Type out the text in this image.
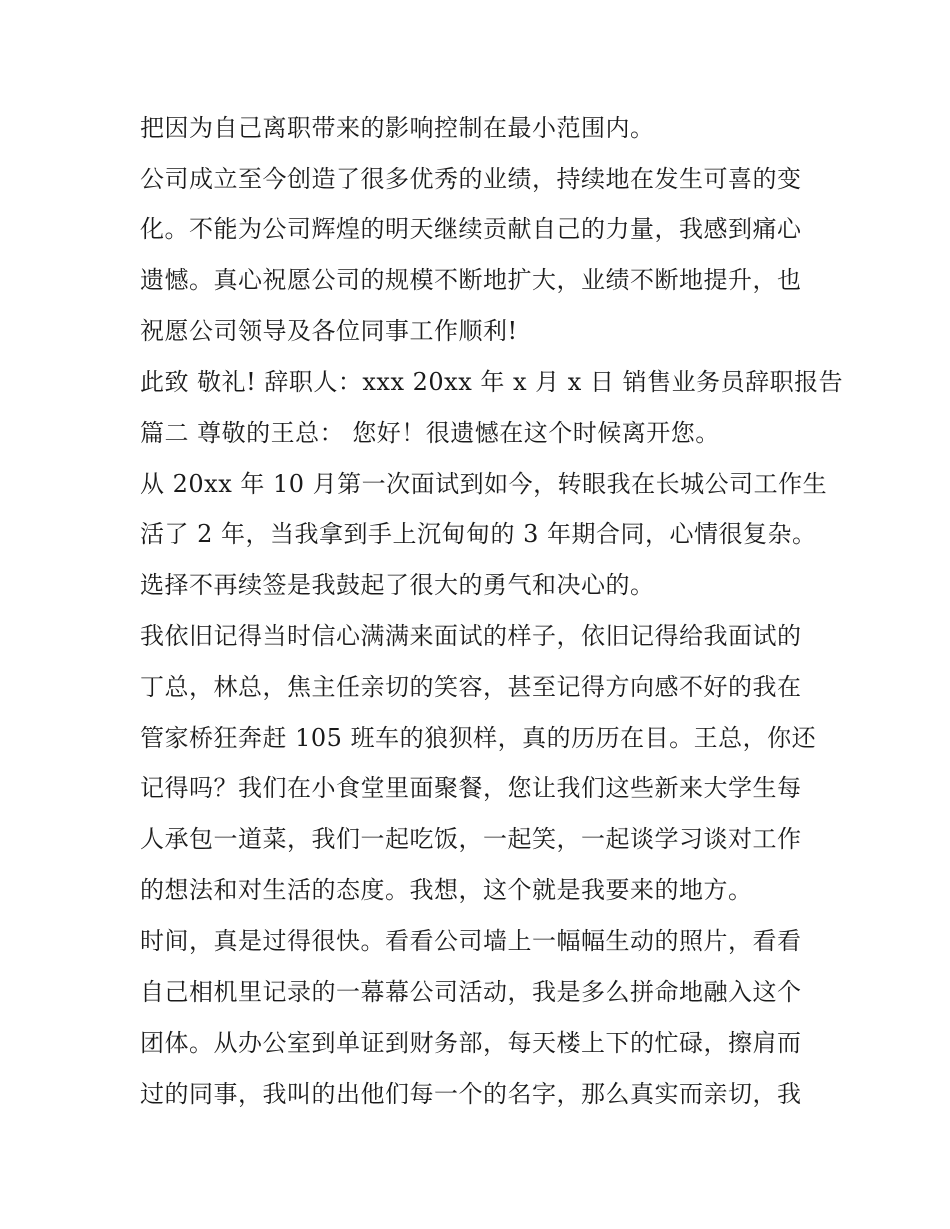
把因为自己离职带来的影响控制在最小范围内。
公司成立至今创造了很多优秀的业绩，持续地在发生可喜的变
化。不能为公司辉煌的明天继续贡献自己的力量，我感到痛心
遗憾。真心祝愿公司的规模不断地扩大，业绩不断地提升，也
祝愿公司领导及各位同事工作顺利!
此致 敬礼! 辞职人：xxx 20xx 年 x 月 x 日 销售业务员辞职报告
篇二 尊敬的王总： 您好！很遗憾在这个时候离开您。
从 20xx 年 10 月第一次面试到如今，转眼我在长城公司工作生
活了 2 年，当我拿到手上沉甸甸的 3 年期合同，心情很复杂。
选择不再续签是我鼓起了很大的勇气和决心的。
我依旧记得当时信心满满来面试的样子，依旧记得给我面试的
丁总，林总，焦主任亲切的笑容，甚至记得方向感不好的我在
管家桥狂奔赶 105 班车的狼狈样，真的历历在目。王总，你还
记得吗？我们在小食堂里面聚餐，您让我们这些新来大学生每
人承包一道菜，我们一起吃饭，一起笑，一起谈学习谈对工作
的想法和对生活的态度。我想，这个就是我要来的地方。
时间，真是过得很快。看看公司墙上一幅幅生动的照片，看看
自己相机里记录的一幕幕公司活动，我是多么拼命地融入这个
团体。从办公室到单证到财务部，每天楼上下的忙碌，擦肩而
过的同事，我叫的出他们每一个的名字，那么真实而亲切，我
